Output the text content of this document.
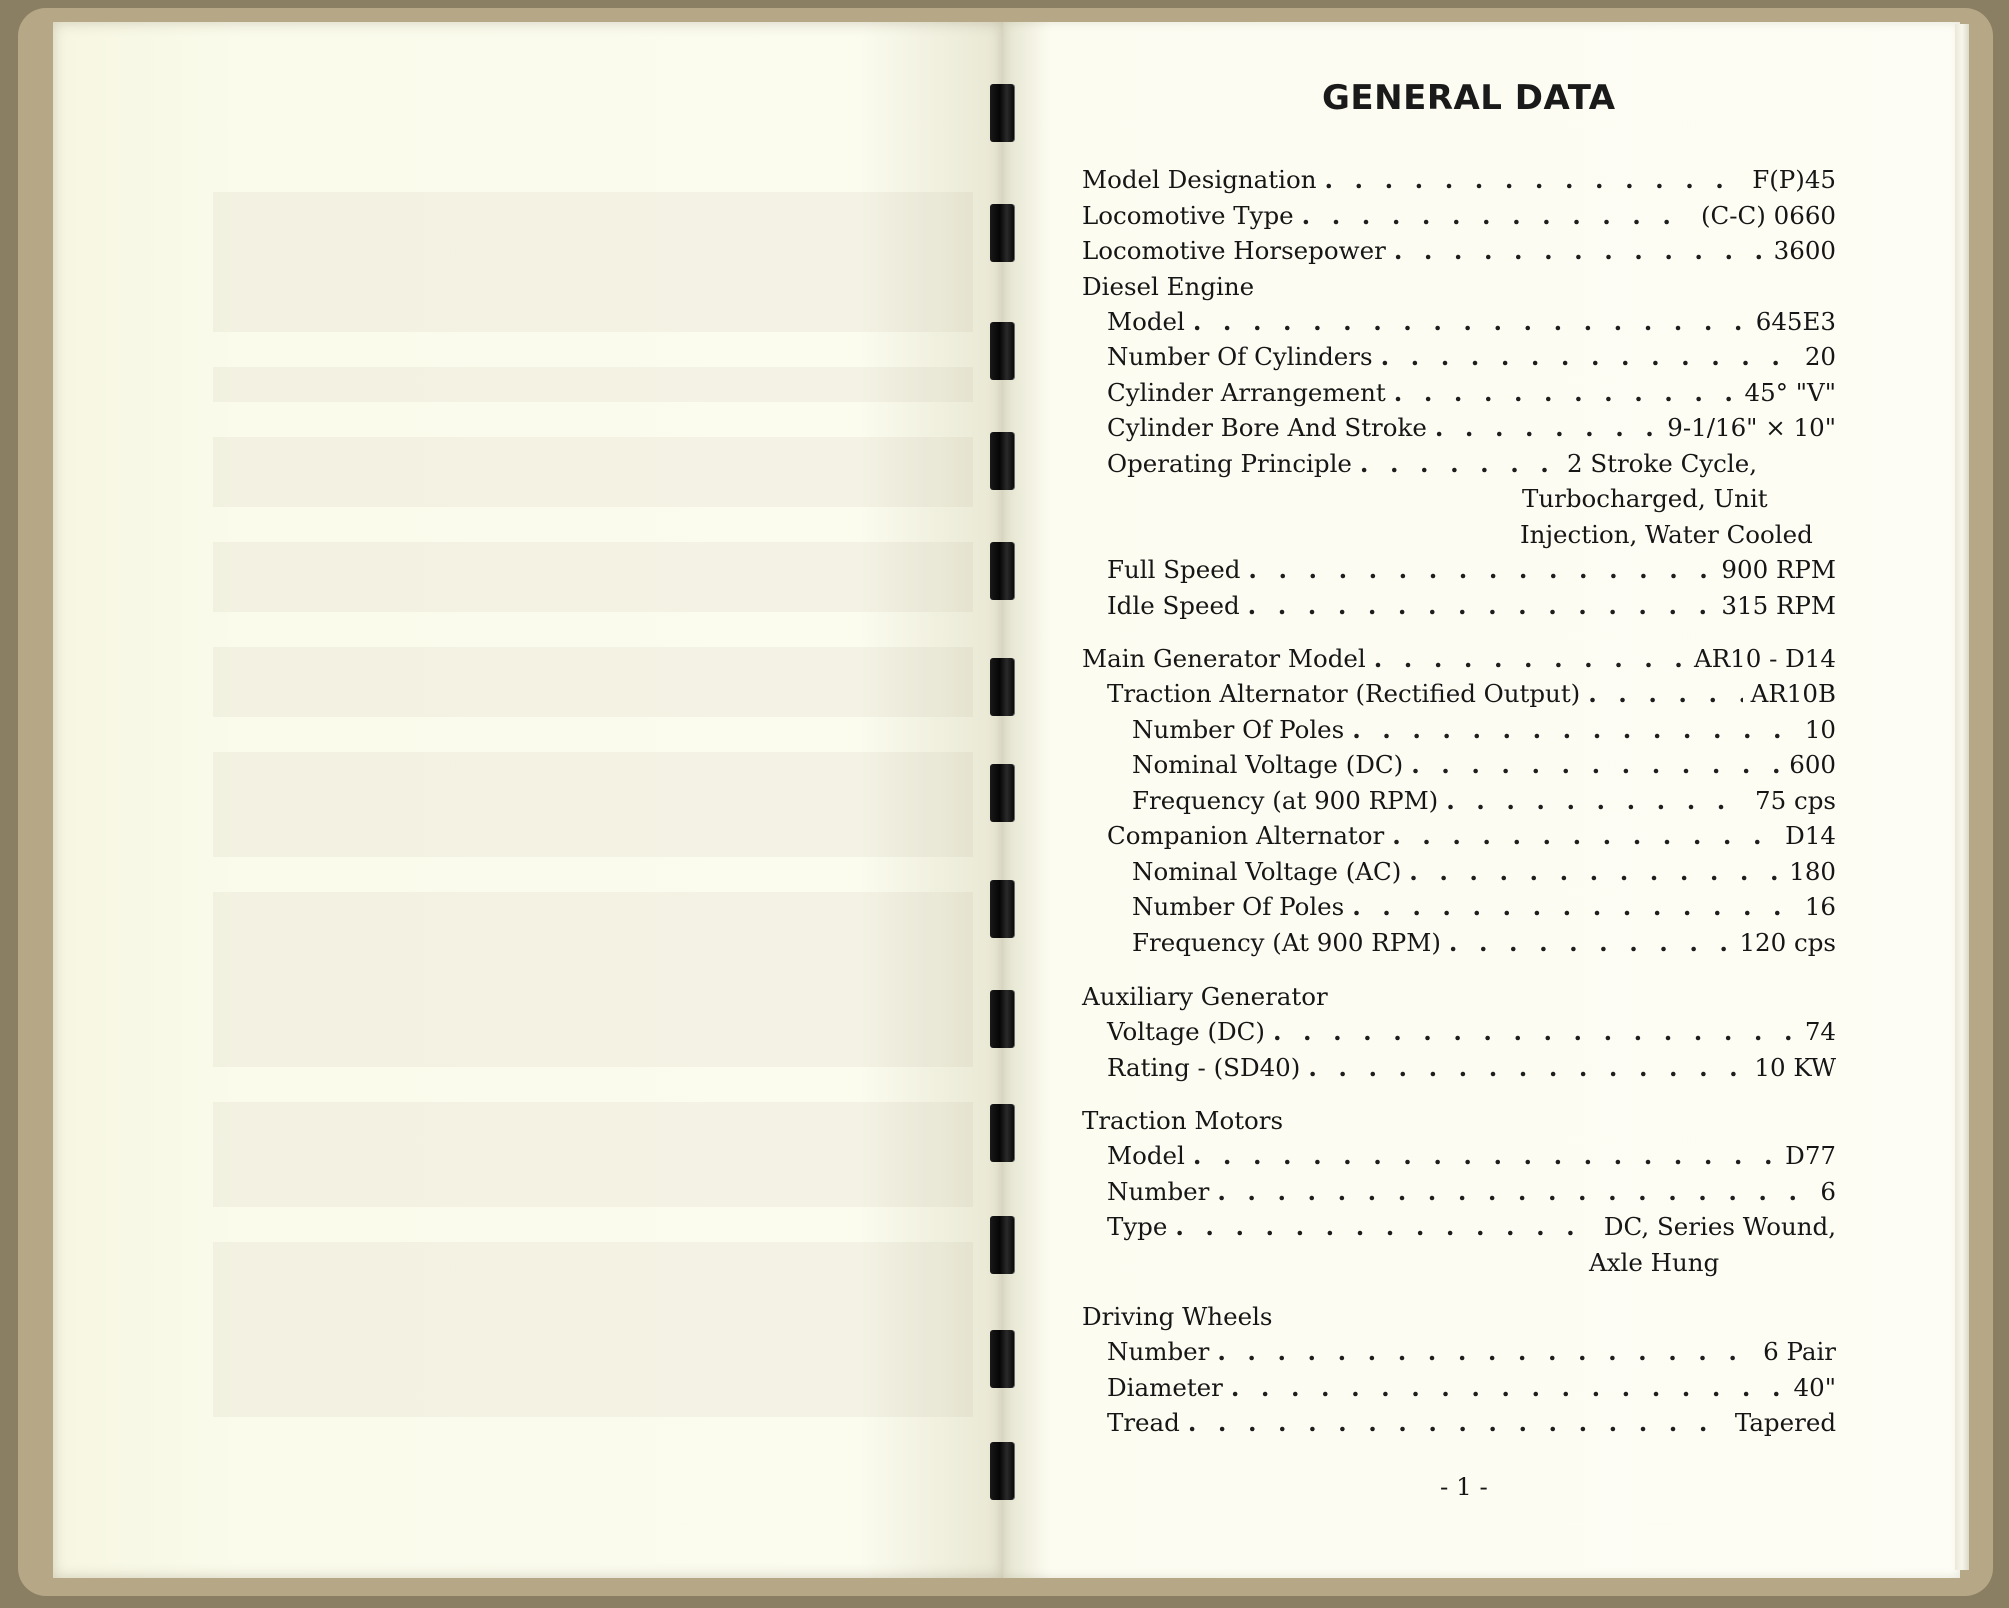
GENERAL DATA
Model Designation . . .	F(P)45
Locomotive Type . . .	(C-C) 0660
Locomotive Horsepower . . .	3600
Diesel Engine
Model . . .	645E3
Number Of Cylinders . . .	20
Cylinder Arrangement . . .	45° "V"
Cylinder Bore And Stroke . . .	9-1/16" × 10"
Operating Principle . . .	2 Stroke Cycle,
Turbocharged, Unit
Injection, Water Cooled
Full Speed . . .	900 RPM
Idle Speed . . .	315 RPM
Main Generator Model . . .	AR10 - D14
Traction Alternator (Rectified Output) . . .	AR10B
Number Of Poles . . .	10
Nominal Voltage (DC) . . .	600
Frequency (at 900 RPM) . . .	75 cps
Companion Alternator . . .	D14
Nominal Voltage (AC) . . .	180
Number Of Poles . . .	16
Frequency (At 900 RPM) . . .	120 cps
Auxiliary Generator
Voltage (DC) . . .	74
Rating - (SD40) . . .	10 KW
Traction Motors
Model . . .	D77
Number . . .	6
Type . . .	DC, Series Wound,
Axle Hung
Driving Wheels
Number . . .	6 Pair
Diameter . . .	40"
Tread . . .	Tapered
- 1 -
